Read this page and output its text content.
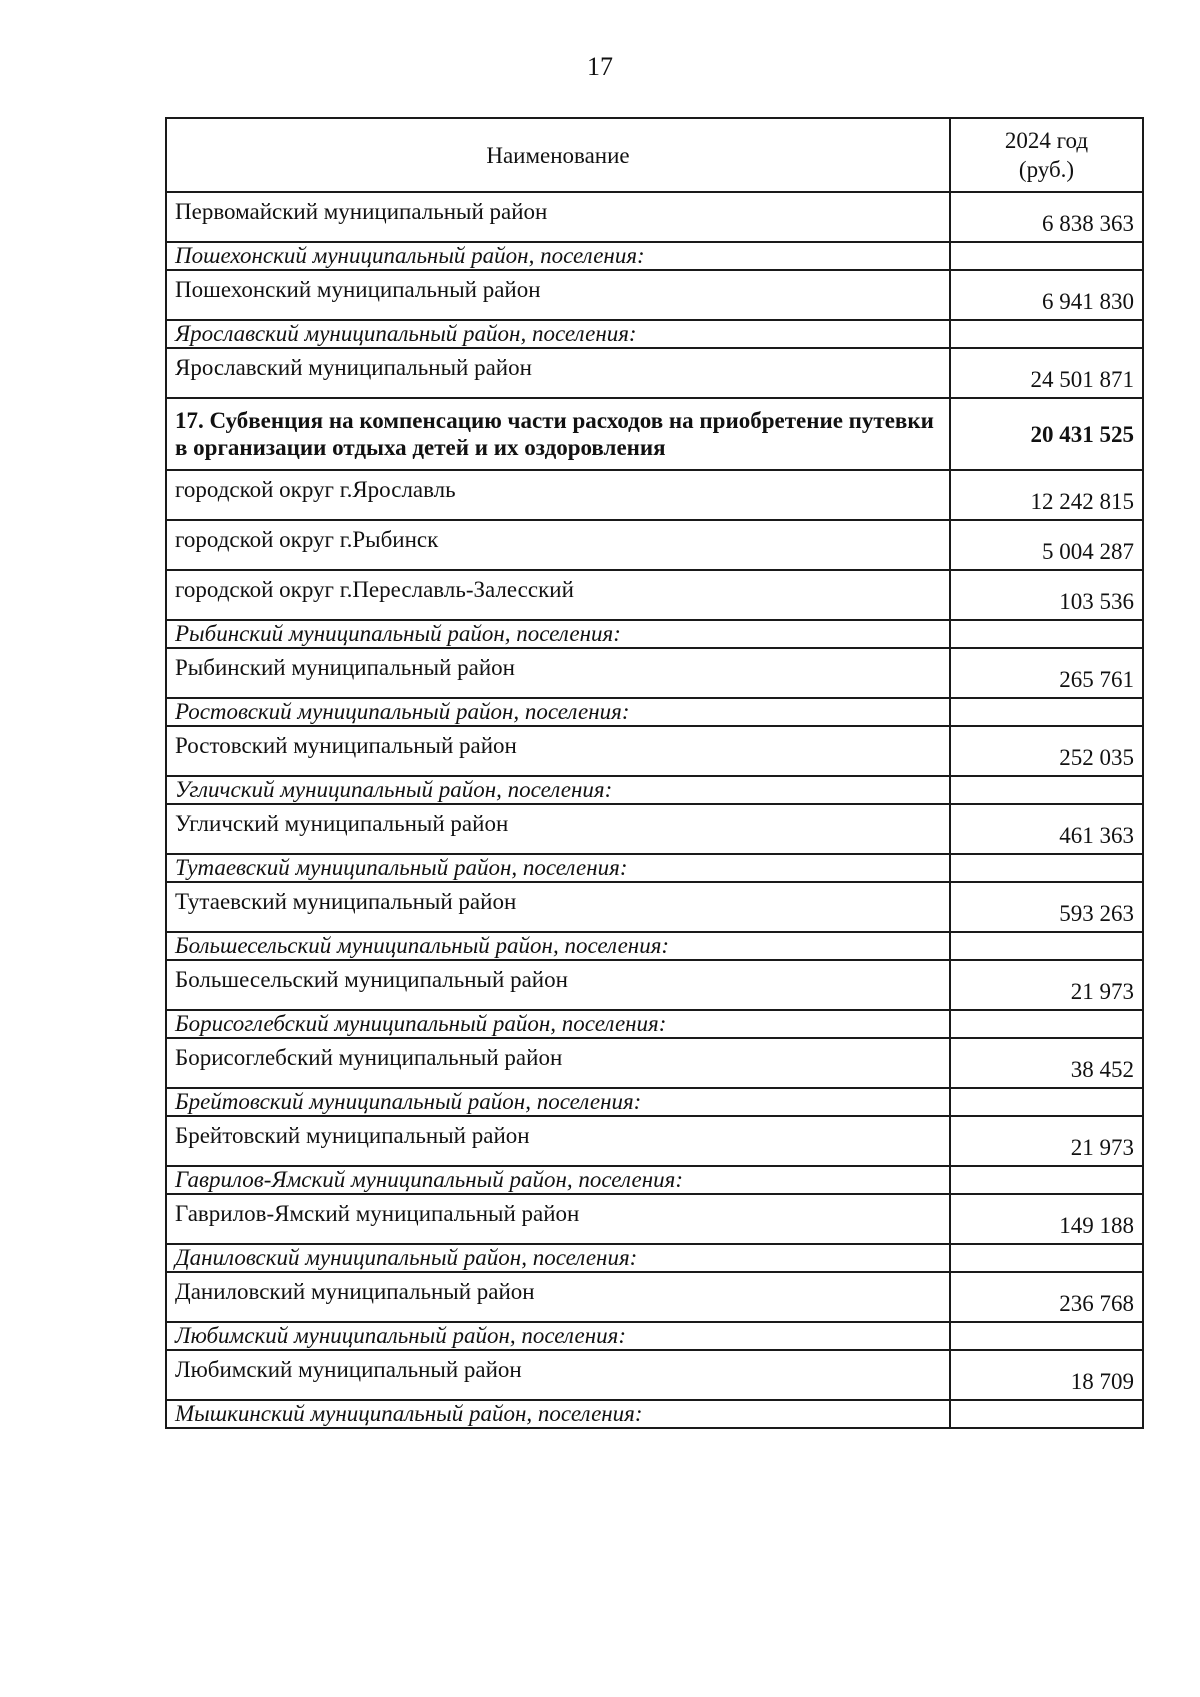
17
Наименование	2024 год
(руб.)
Первомайский муниципальный район	6 838 363
Пошехонский муниципальный район, поселения:	
Пошехонский муниципальный район	6 941 830
Ярославский муниципальный район, поселения:	
Ярославский муниципальный район	24 501 871
17. Субвенция на компенсацию части расходов на приобретение путевки в организации отдыха детей и их оздоровления	20 431 525
городской округ г.Ярославль	12 242 815
городской округ г.Рыбинск	5 004 287
городской округ г.Переславль-Залесский	103 536
Рыбинский муниципальный район, поселения:	
Рыбинский муниципальный район	265 761
Ростовский муниципальный район, поселения:	
Ростовский муниципальный район	252 035
Угличский муниципальный район, поселения:	
Угличский муниципальный район	461 363
Тутаевский муниципальный район, поселения:	
Тутаевский муниципальный район	593 263
Большесельский муниципальный район, поселения:	
Большесельский муниципальный район	21 973
Борисоглебский муниципальный район, поселения:	
Борисоглебский муниципальный район	38 452
Брейтовский муниципальный район, поселения:	
Брейтовский муниципальный район	21 973
Гаврилов-Ямский муниципальный район, поселения:	
Гаврилов-Ямский муниципальный район	149 188
Даниловский муниципальный район, поселения:	
Даниловский муниципальный район	236 768
Любимский муниципальный район, поселения:	
Любимский муниципальный район	18 709
Мышкинский муниципальный район, поселения:	
